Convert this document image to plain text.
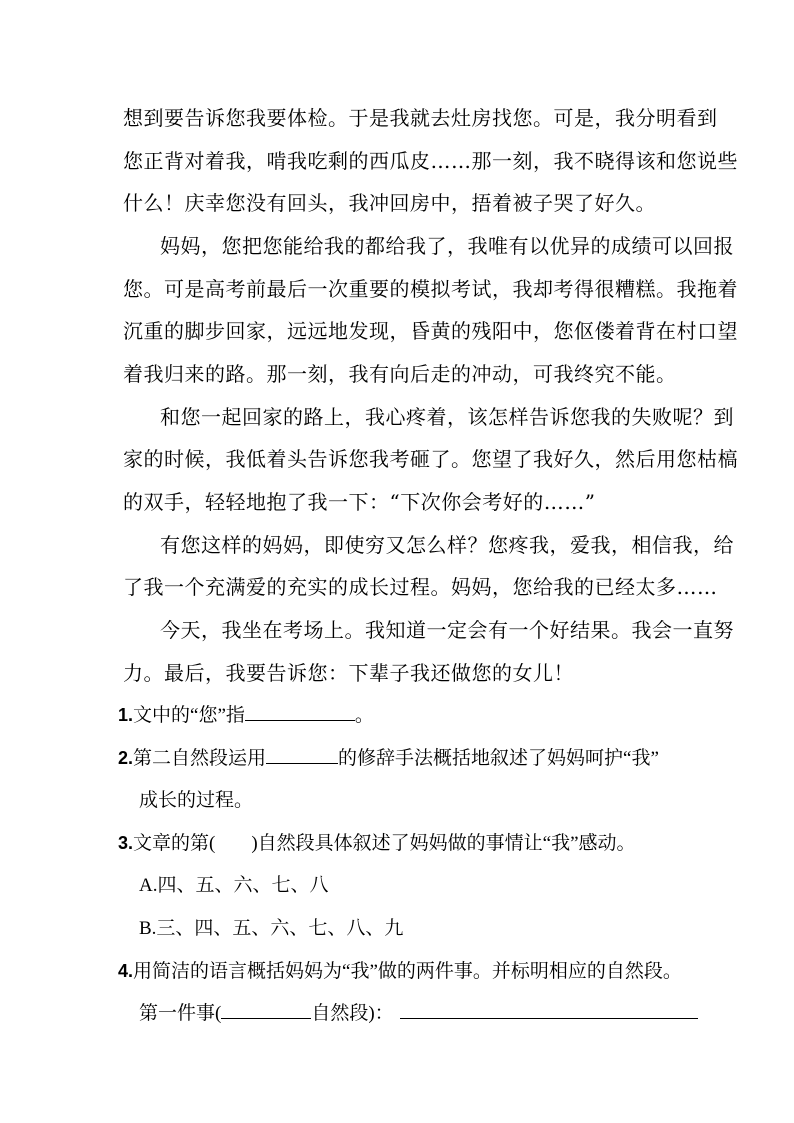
想到要告诉您我要体检。于是我就去灶房找您。可是，我分明看到
您正背对着我，啃我吃剩的西瓜皮……那一刻，我不晓得该和您说些
什么！庆幸您没有回头，我冲回房中，捂着被子哭了好久。
妈妈，您把您能给我的都给我了，我唯有以优异的成绩可以回报
您。可是高考前最后一次重要的模拟考试，我却考得很糟糕。我拖着
沉重的脚步回家，远远地发现，昏黄的残阳中，您伛偻着背在村口望
着我归来的路。那一刻，我有向后走的冲动，可我终究不能。
和您一起回家的路上，我心疼着，该怎样告诉您我的失败呢？到
家的时候，我低着头告诉您我考砸了。您望了我好久，然后用您枯槁
的双手，轻轻地抱了我一下：“下次你会考好的……”
有您这样的妈妈，即使穷又怎么样？您疼我，爱我，相信我，给
了我一个充满爱的充实的成长过程。妈妈，您给我的已经太多……
今天，我坐在考场上。我知道一定会有一个好结果。我会一直努
力。最后，我要告诉您：下辈子我还做您的女儿！
1.文中的“您”指	。
2.第二自然段运用	的修辞手法概括地叙述了妈妈呵护“我”
成长的过程。
3.文章的第( )自然段具体叙述了妈妈做的事情让“我”感动。
A.四、五、六、七、八
B.三、四、五、六、七、八、九
4.用简洁的语言概括妈妈为“我”做的两件事。并标明相应的自然段。
第一件事(	自然段)：
